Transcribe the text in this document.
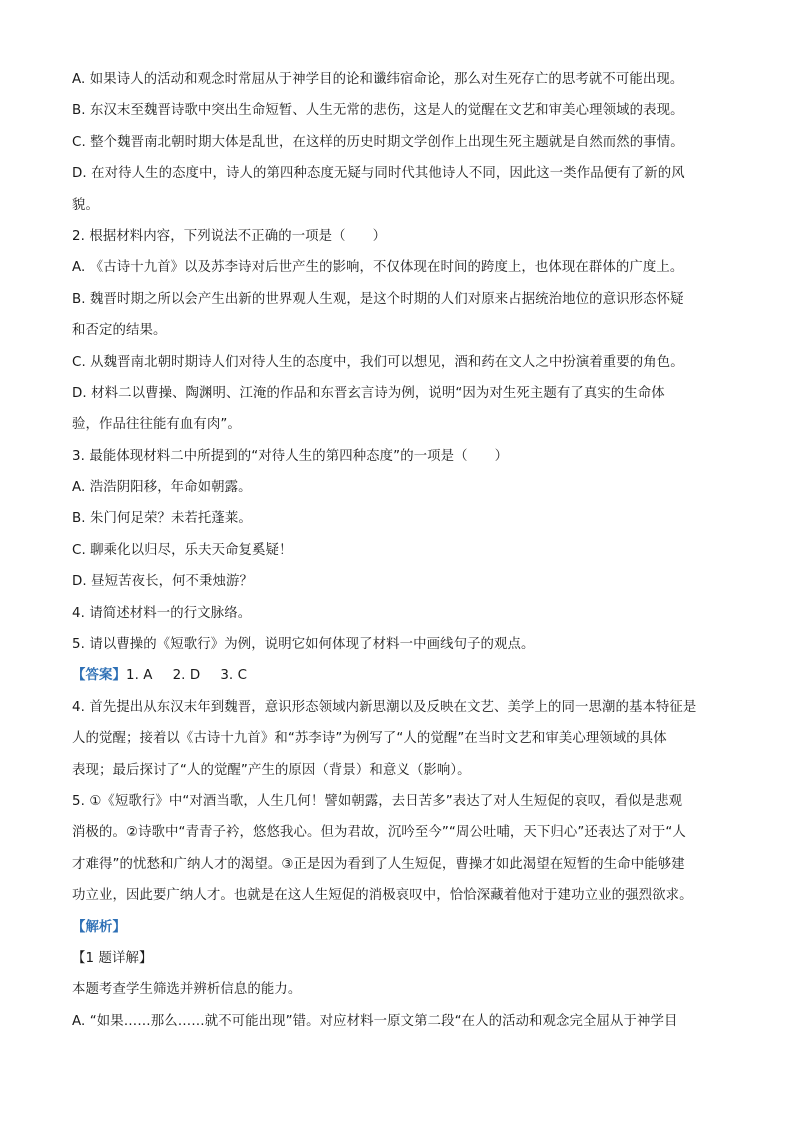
A. 如果诗人的活动和观念时常屈从于神学目的论和谶纬宿命论，那么对生死存亡的思考就不可能出现。
B. 东汉末至魏晋诗歌中突出生命短暂、人生无常的悲伤，这是人的觉醒在文艺和审美心理领域的表现。
C. 整个魏晋南北朝时期大体是乱世，在这样的历史时期文学创作上出现生死主题就是自然而然的事情。
D. 在对待人生的态度中，诗人的第四种态度无疑与同时代其他诗人不同，因此这一类作品便有了新的风
貌。
2. 根据材料内容，下列说法不正确的一项是（　　）
A. 《古诗十九首》以及苏李诗对后世产生的影响，不仅体现在时间的跨度上，也体现在群体的广度上。
B. 魏晋时期之所以会产生出新的世界观人生观，是这个时期的人们对原来占据统治地位的意识形态怀疑
和否定的结果。
C. 从魏晋南北朝时期诗人们对待人生的态度中，我们可以想见，酒和药在文人之中扮演着重要的角色。
D. 材料二以曹操、陶渊明、江淹的作品和东晋玄言诗为例，说明“因为对生死主题有了真实的生命体
验，作品往往能有血有肉”。
3. 最能体现材料二中所提到的“对待人生的第四种态度”的一项是（　　）
A. 浩浩阴阳移，年命如朝露。
B. 朱门何足荣？未若托蓬莱。
C. 聊乘化以归尽，乐夫天命复奚疑！
D. 昼短苦夜长，何不秉烛游？
4. 请简述材料一的行文脉络。
5. 请以曹操的《短歌行》为例，说明它如何体现了材料一中画线句子的观点。
【答案】 1. A 2. D 3. C
4. 首先提出从东汉末年到魏晋，意识形态领域内新思潮以及反映在文艺、美学上的同一思潮的基本特征是
人的觉醒；接着以《古诗十九首》和“苏李诗”为例写了“人的觉醒”在当时文艺和审美心理领域的具体
表现；最后探讨了“人的觉醒”产生的原因（背景）和意义（影响）。
5. ①《短歌行》中“对酒当歌，人生几何！譬如朝露，去日苦多”表达了对人生短促的哀叹，看似是悲观
消极的。②诗歌中“青青子衿，悠悠我心。但为君故，沉吟至今”“周公吐哺，天下归心”还表达了对于“人
才难得”的忧愁和广纳人才的渴望。③正是因为看到了人生短促，曹操才如此渴望在短暂的生命中能够建
功立业，因此要广纳人才。也就是在这人生短促的消极哀叹中，恰恰深藏着他对于建功立业的强烈欲求。
【解析】
【1 题详解】
本题考查学生筛选并辨析信息的能力。
A. “如果……那么……就不可能出现”错。对应材料一原文第二段“在人的活动和观念完全屈从于神学目
